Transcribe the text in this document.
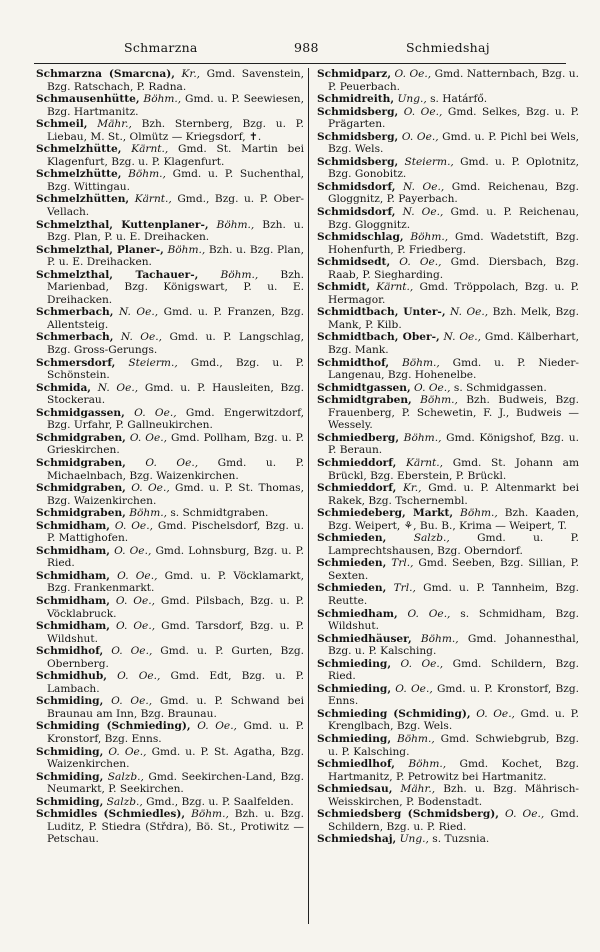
Schmarzna	988	Schmiedshaj

Schmarzna (Smarcna), Kr., Gmd. Savenstein, Bzg. Ratschach, P. Radna.

Schmausenhütte, Böhm., Gmd. u. P. Seewiesen, Bzg. Hartmanitz.

Schmeil, Mähr., Bzh. Sternberg, Bzg. u. P. Liebau, M. St., Olmütz — Kriegsdorf, ✝.

Schmelzhütte, Kärnt., Gmd. St. Martin bei Klagenfurt, Bzg. u. P. Klagenfurt.

Schmelzhütte, Böhm., Gmd. u. P. Suchenthal, Bzg. Wittingau.

Schmelzhütten, Kärnt., Gmd., Bzg. u. P. Ober-Vellach.

Schmelzthal, Kuttenplaner-, Böhm., Bzh. u. Bzg. Plan, P. u. E. Dreihacken.

Schmelzthal, Planer-, Böhm., Bzh. u. Bzg. Plan, P. u. E. Dreihacken.

Schmelzthal, Tachauer-, Böhm., Bzh. Marienbad, Bzg. Königswart, P. u. E. Dreihacken.

Schmerbach, N. Oe., Gmd. u. P. Franzen, Bzg. Allentsteig.

Schmerbach, N. Oe., Gmd. u. P. Langschlag, Bzg. Gross-Gerungs.

Schmersdorf, Steierm., Gmd., Bzg. u. P. Schönstein.

Schmida, N. Oe., Gmd. u. P. Hausleiten, Bzg. Stockerau.

Schmidgassen, O. Oe., Gmd. Engerwitzdorf, Bzg. Urfahr, P. Gallneukirchen.

Schmidgraben, O. Oe., Gmd. Pollham, Bzg. u. P. Grieskirchen.

Schmidgraben, O. Oe., Gmd. u. P. Michaelnbach, Bzg. Waizenkirchen.

Schmidgraben, O. Oe., Gmd. u. P. St. Thomas, Bzg. Waizenkirchen.

Schmidgraben, Böhm., s. Schmidtgraben.

Schmidham, O. Oe., Gmd. Pischelsdorf, Bzg. u. P. Mattighofen.

Schmidham, O. Oe., Gmd. Lohnsburg, Bzg. u. P. Ried.

Schmidham, O. Oe., Gmd. u. P. Vöcklamarkt, Bzg. Frankenmarkt.

Schmidham, O. Oe., Gmd. Pilsbach, Bzg. u. P. Vöcklabruck.

Schmidham, O. Oe., Gmd. Tarsdorf, Bzg. u. P. Wildshut.

Schmidhof, O. Oe., Gmd. u. P. Gurten, Bzg. Obernberg.

Schmidhub, O. Oe., Gmd. Edt, Bzg. u. P. Lambach.

Schmiding, O. Oe., Gmd. u. P. Schwand bei Braunau am Inn, Bzg. Braunau.

Schmiding (Schmieding), O. Oe., Gmd. u. P. Kronstorf, Bzg. Enns.

Schmiding, O. Oe., Gmd. u. P. St. Agatha, Bzg. Waizenkirchen.

Schmiding, Salzb., Gmd. Seekirchen-Land, Bzg. Neumarkt, P. Seekirchen.

Schmiding, Salzb., Gmd., Bzg. u. P. Saalfelden.

Schmidles (Schmiedles), Böhm., Bzh. u. Bzg. Luditz, P. Stiedra (Střdra), Bö. St., Protiwitz — Petschau.

Schmidparz, O. Oe., Gmd. Natternbach, Bzg. u. P. Peuerbach.

Schmidreith, Ung., s. Határfő.

Schmidsberg, O. Oe., Gmd. Selkes, Bzg. u. P. Prägarten.

Schmidsberg, O. Oe., Gmd. u. P. Pichl bei Wels, Bzg. Wels.

Schmidsberg, Steierm., Gmd. u. P. Oplotnitz, Bzg. Gonobitz.

Schmidsdorf, N. Oe., Gmd. Reichenau, Bzg. Gloggnitz, P. Payerbach.

Schmidsdorf, N. Oe., Gmd. u. P. Reichenau, Bzg. Gloggnitz.

Schmidschlag, Böhm., Gmd. Wadetstift, Bzg. Hohenfurth, P. Friedberg.

Schmidsedt, O. Oe., Gmd. Diersbach, Bzg. Raab, P. Siegharding.

Schmidt, Kärnt., Gmd. Tröppolach, Bzg. u. P. Hermagor.

Schmidtbach, Unter-, N. Oe., Bzh. Melk, Bzg. Mank, P. Kilb.

Schmidtbach, Ober-, N. Oe., Gmd. Kälberhart, Bzg. Mank.

Schmidthof, Böhm., Gmd. u. P. Nieder-Langenau, Bzg. Hohenelbe.

Schmidtgassen, O. Oe., s. Schmidgassen.

Schmidtgraben, Böhm., Bzh. Budweis, Bzg. Frauenberg, P. Schewetin, F. J., Budweis — Wessely.

Schmiedberg, Böhm., Gmd. Königshof, Bzg. u. P. Beraun.

Schmieddorf, Kärnt., Gmd. St. Johann am Brückl, Bzg. Eberstein, P. Brückl.

Schmieddorf, Kr., Gmd. u. P. Altenmarkt bei Rakek, Bzg. Tschernembl.

Schmiedeberg, Markt, Böhm., Bzh. Kaaden, Bzg. Weipert, ⚘, Bu. B., Krima — Weipert, T.

Schmieden,	Salzb., Gmd. u. P. Lamprechtshausen, Bzg. Oberndorf.

Schmieden, Trl., Gmd. Seeben, Bzg. Sillian, P. Sexten.

Schmieden, Trl., Gmd. u. P. Tannheim, Bzg. Reutte.

Schmiedham, O. Oe., s. Schmidham, Bzg. Wildshut.

Schmiedhäuser, Böhm., Gmd. Johannesthal, Bzg. u. P. Kalsching.

Schmieding, O. Oe., Gmd. Schildern, Bzg. Ried.

Schmieding, O. Oe., Gmd. u. P. Kronstorf, Bzg. Enns.

Schmieding (Schmiding), O. Oe., Gmd. u. P. Krenglbach, Bzg. Wels.

Schmieding, Böhm., Gmd. Schwiebgrub, Bzg. u. P. Kalsching.

Schmiedlhof, Böhm., Gmd. Kochet, Bzg. Hartmanitz, P. Petrowitz bei Hartmanitz.

Schmiedsau, Mähr., Bzh. u. Bzg. Mährisch-Weisskirchen, P. Bodenstadt.

Schmiedsberg (Schmidsberg), O. Oe., Gmd. Schildern, Bzg. u. P. Ried.

Schmiedshaj, Ung., s. Tuzsnia.
